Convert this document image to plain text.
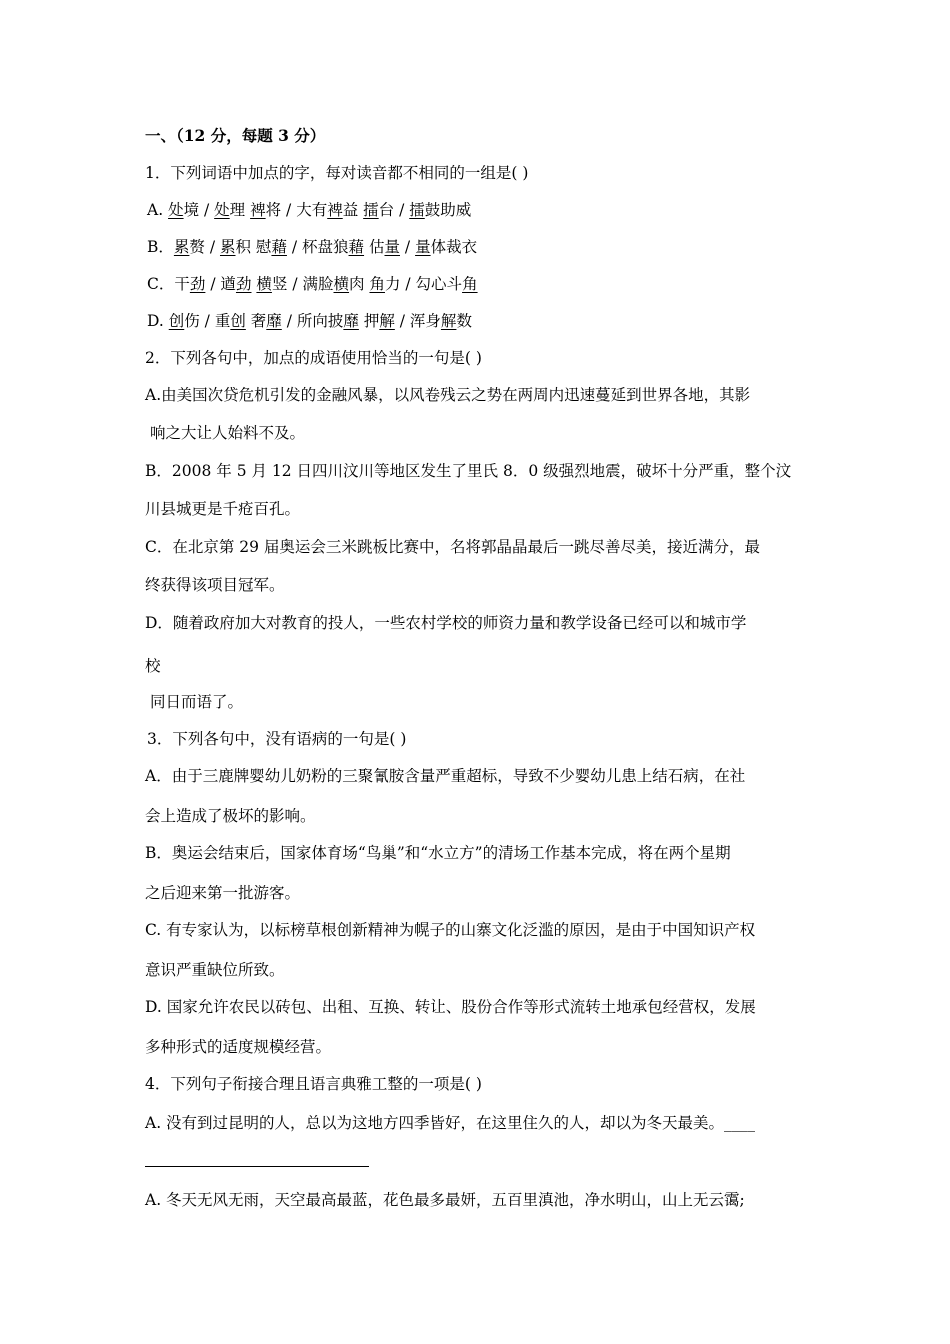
一、（12 分，每题 3 分）
1．下列词语中加点的字，每对读音都不相同的一组是( )
A. 处境 / 处理 裨将 / 大有裨益 擂台 / 擂鼓助威
B．累赘 / 累积 慰藉 / 杯盘狼藉 估量 / 量体裁衣
C．干劲 / 遒劲 横竖 / 满脸横肉 角力 / 勾心斗角
D. 创伤 / 重创 奢靡 / 所向披靡 押解 / 浑身解数
2．下列各句中，加点的成语使用恰当的一句是( )
A.由美国次贷危机引发的金融风暴，以风卷残云之势在两周内迅速蔓延到世界各地，其影
响之大让人始料不及。
B．2008 年 5 月 12 日四川汶川等地区发生了里氏 8．0 级强烈地震，破坏十分严重，整个汶
川县城更是千疮百孔。
C．在北京第 29 届奥运会三米跳板比赛中，名将郭晶晶最后一跳尽善尽美，接近满分，最
终获得该项目冠军。
D．随着政府加大对教育的投人，一些农村学校的师资力量和教学设备已经可以和城市学
校
同日而语了。
3．下列各句中，没有语病的一句是( )
A．由于三鹿牌婴幼儿奶粉的三聚氰胺含量严重超标，导致不少婴幼儿患上结石病，在社
会上造成了极坏的影响。
B．奥运会结束后，国家体育场“鸟巢”和“水立方”的清场工作基本完成，将在两个星期
之后迎来第一批游客。
C. 有专家认为，以标榜草根创新精神为幌子的山寨文化泛滥的原因，是由于中国知识产权
意识严重缺位所致。
D. 国家允许农民以砖包、出租、互换、转让、股份合作等形式流转土地承包经营权，发展
多种形式的适度规模经营。
4．下列句子衔接合理且语言典雅工整的一项是( )
A. 没有到过昆明的人，总以为这地方四季皆好，在这里住久的人，却以为冬天最美。____
A. 冬天无风无雨，天空最高最蓝，花色最多最妍，五百里滇池，净水明山，山上无云霭;
